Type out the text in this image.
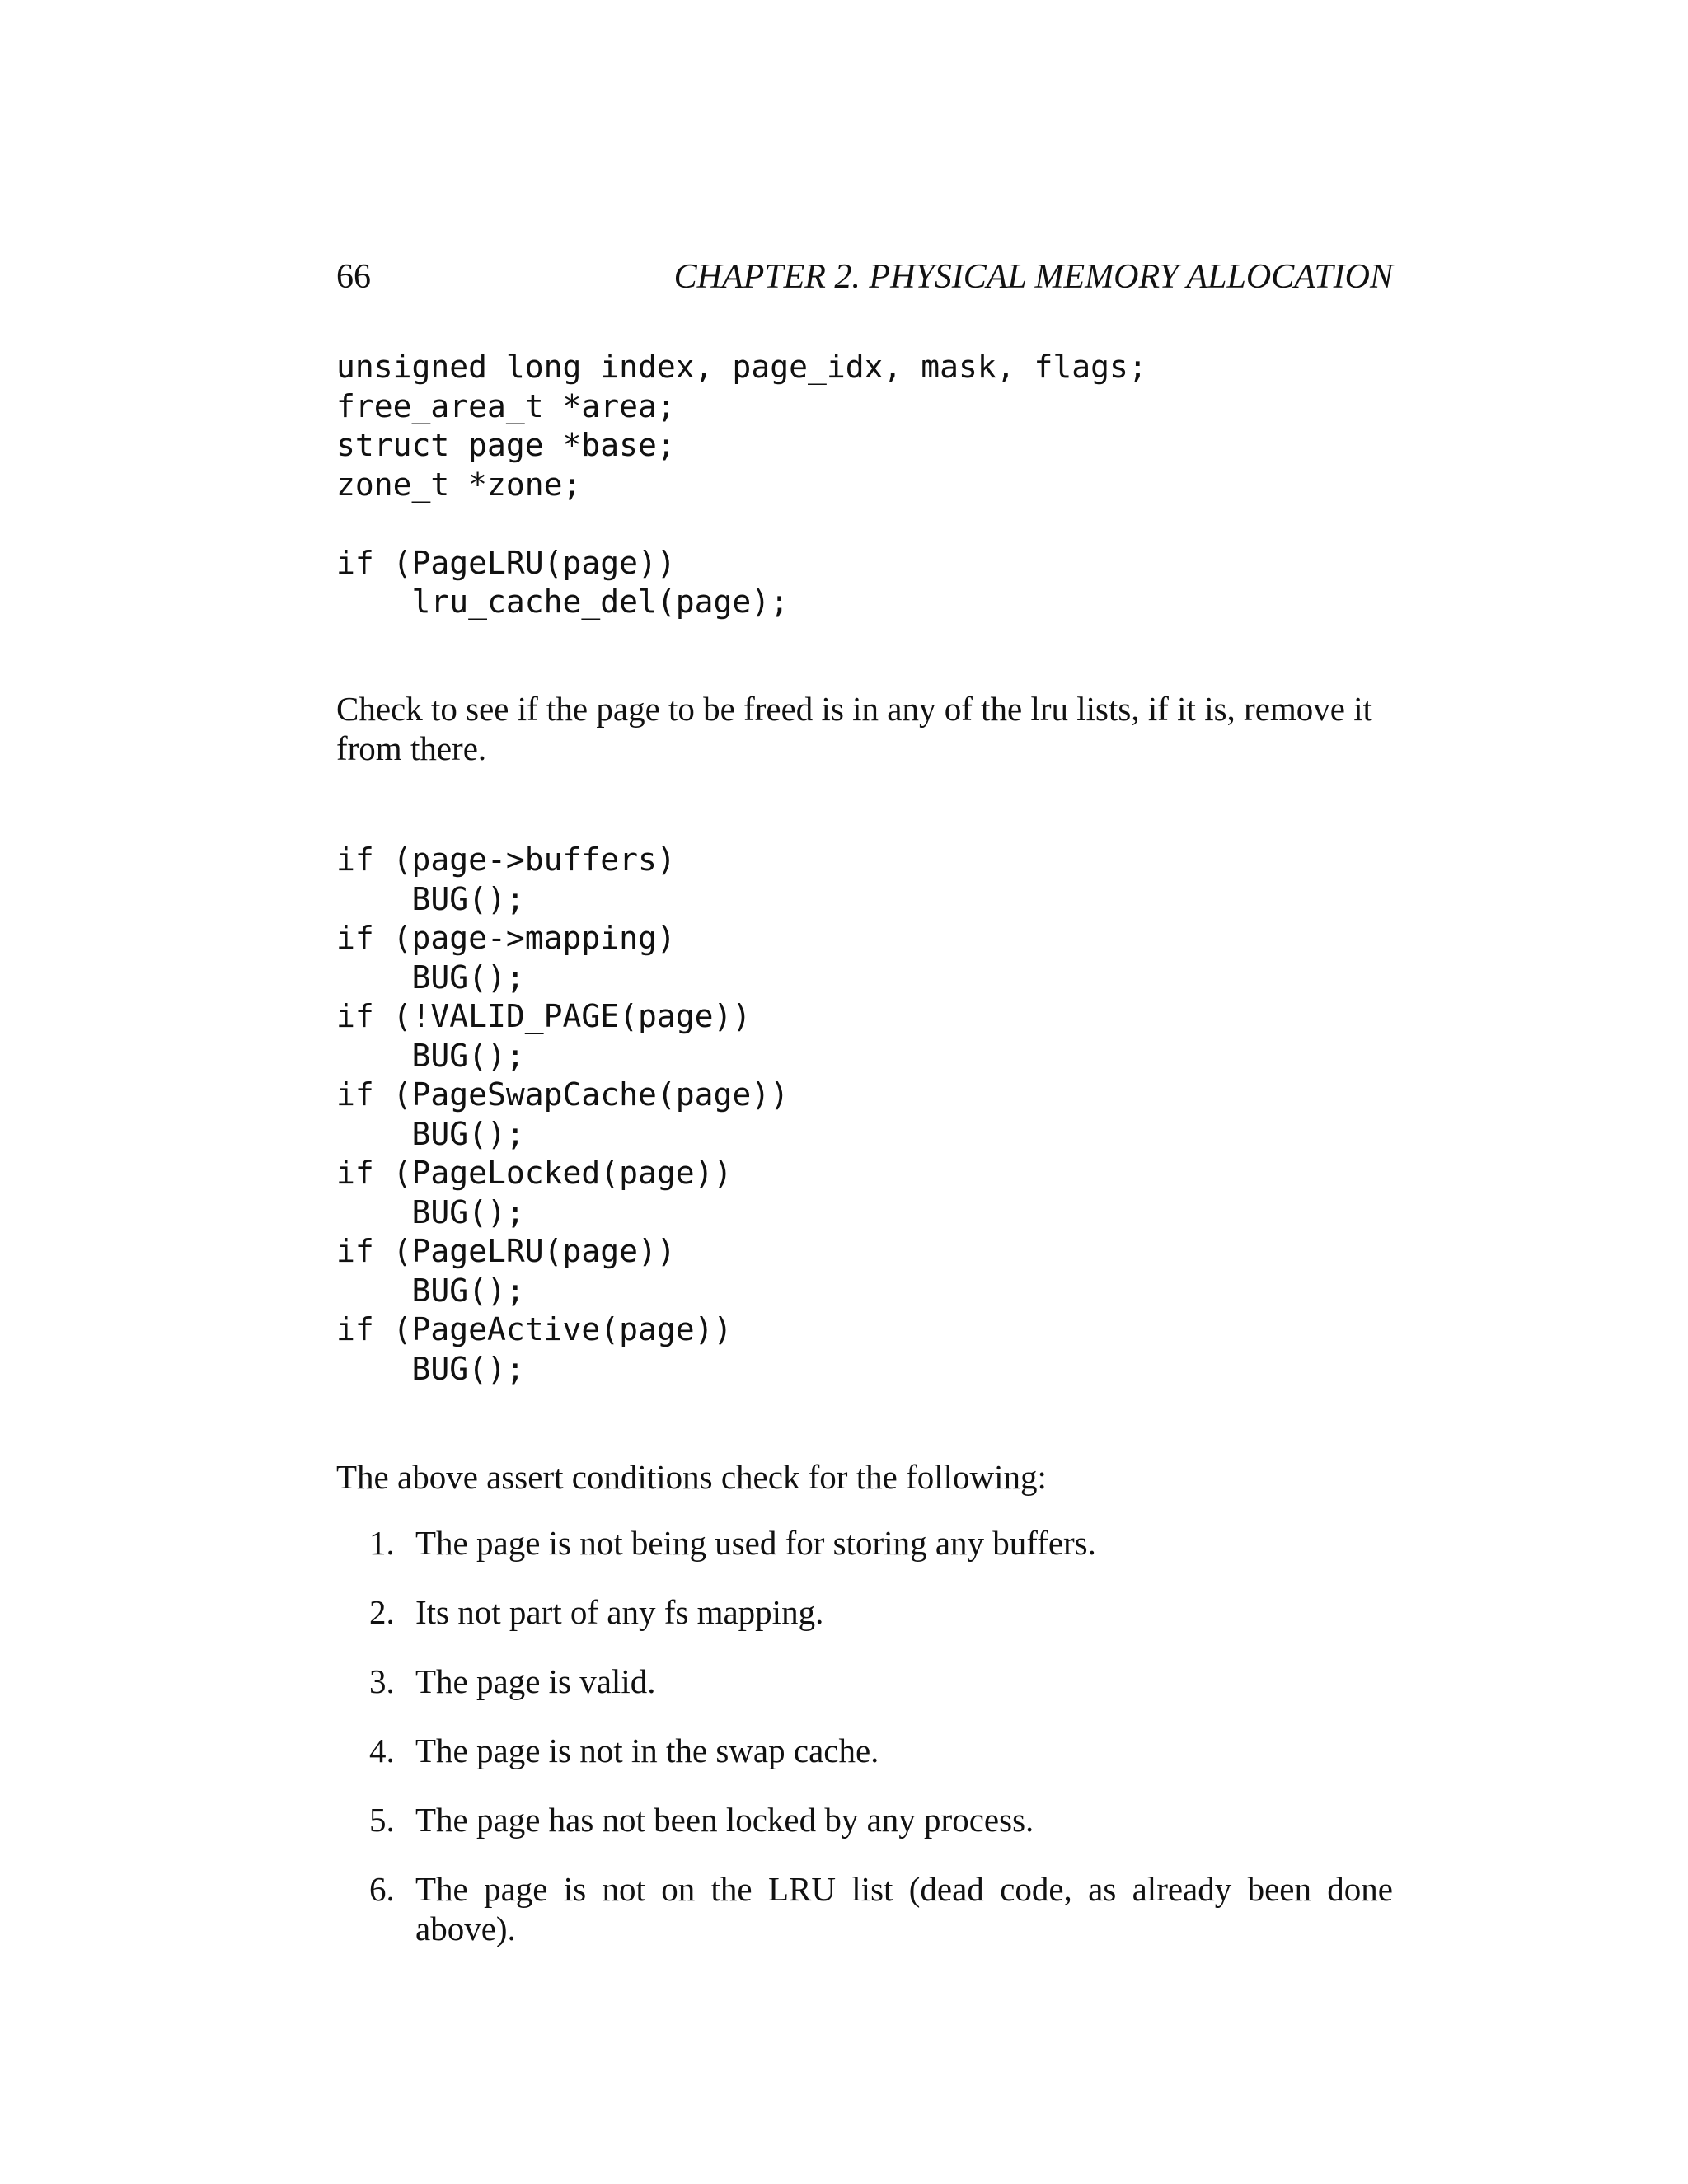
66	CHAPTER 2. PHYSICAL MEMORY ALLOCATION
unsigned long index, page_idx, mask, flags;
free_area_t *area;
struct page *base;
zone_t *zone;

if (PageLRU(page))
lru_cache_del(page);

Check to see if the page to be freed is in any of the lru lists, if it is, remove it from there.

if (page->buffers)
BUG();
if (page->mapping)
BUG();
if (!VALID_PAGE(page))
BUG();
if (PageSwapCache(page))
BUG();
if (PageLocked(page))
BUG();
if (PageLRU(page))
BUG();
if (PageActive(page))
BUG();

The above assert conditions check for the following:

1. The page is not being used for storing any buffers.
2. Its not part of any fs mapping.
3. The page is valid.
4. The page is not in the swap cache.
5. The page has not been locked by any process.
6. The page is not on the LRU list (dead code, as already been done above).
